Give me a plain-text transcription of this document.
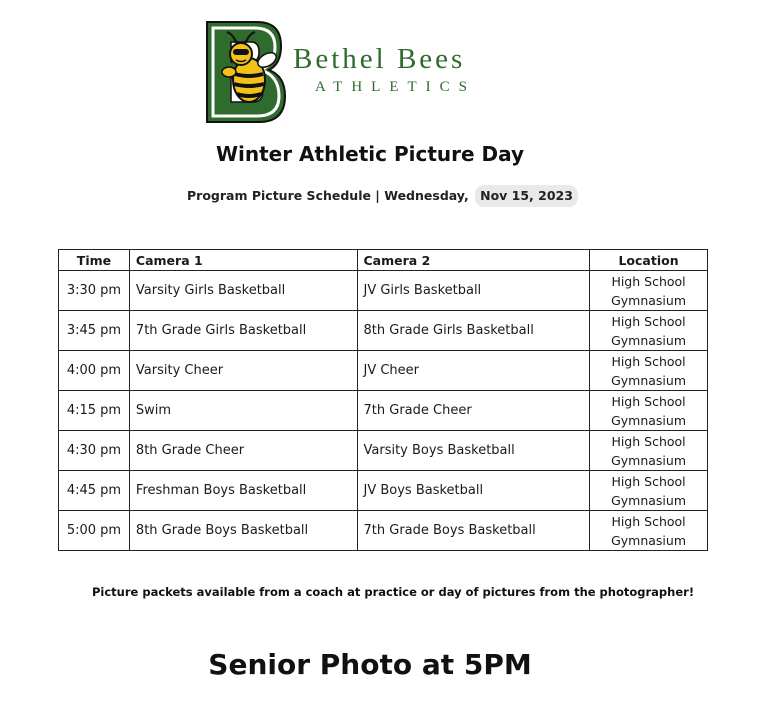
Bethel Bees
ATHLETICS
Winter Athletic Picture Day
Program Picture Schedule | Wednesday, Nov 15, 2023
Time	Camera 1	Camera 2	Location
3:30 pm	Varsity Girls Basketball	JV Girls Basketball	High School
Gymnasium

3:45 pm	7th Grade Girls Basketball	8th Grade Girls Basketball	High School
Gymnasium

4:00 pm	Varsity Cheer	JV Cheer	High School
Gymnasium

4:15 pm	Swim	7th Grade Cheer	High School
Gymnasium

4:30 pm	8th Grade Cheer	Varsity Boys Basketball	High School
Gymnasium

4:45 pm	Freshman Boys Basketball	JV Boys Basketball	High School
Gymnasium

5:00 pm	8th Grade Boys Basketball	7th Grade Boys Basketball	High School
Gymnasium
Picture packets available from a coach at practice or day of pictures from the photographer!
Senior Photo at 5PM
